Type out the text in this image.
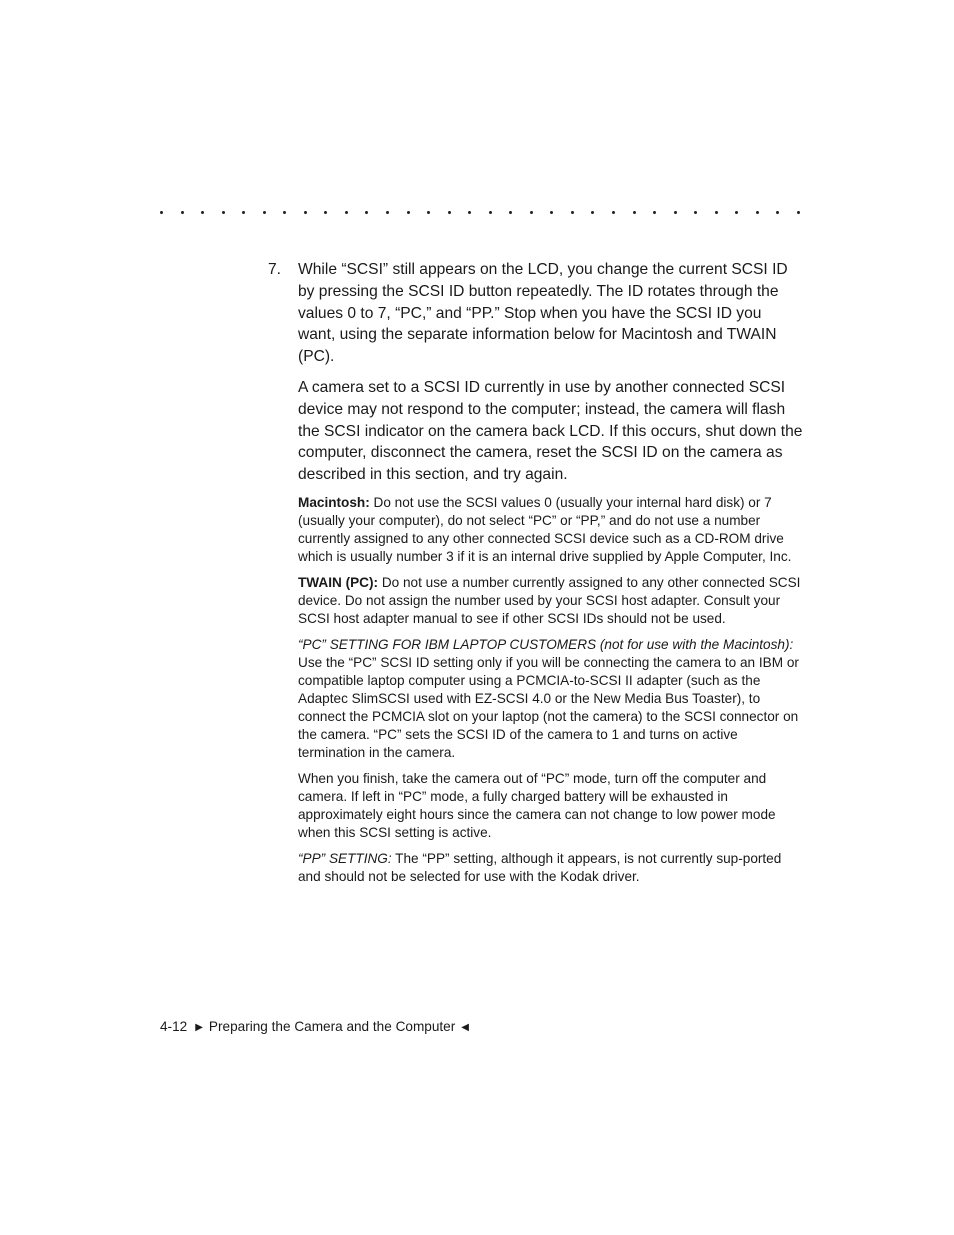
7. While “SCSI” still appears on the LCD, you change the current SCSI ID by pressing the SCSI ID button repeatedly. The ID rotates through the values 0 to 7, “PC,” and “PP.” Stop when you have the SCSI ID you want, using the separate information below for Macintosh and TWAIN (PC).

A camera set to a SCSI ID currently in use by another connected SCSI device may not respond to the computer; instead, the camera will flash the SCSI indicator on the camera back LCD. If this occurs, shut down the computer, disconnect the camera, reset the SCSI ID on the camera as described in this section, and try again.

Macintosh: Do not use the SCSI values 0 (usually your internal hard disk) or 7 (usually your computer), do not select “PC” or “PP,” and do not use a number currently assigned to any other connected SCSI device such as a CD-ROM drive which is usually number 3 if it is an internal drive supplied by Apple Computer, Inc.

TWAIN (PC): Do not use a number currently assigned to any other connected SCSI device. Do not assign the number used by your SCSI host adapter. Consult your SCSI host adapter manual to see if other SCSI IDs should not be used.

“PC” SETTING FOR IBM LAPTOP CUSTOMERS (not for use with the Macintosh): Use the “PC” SCSI ID setting only if you will be connecting the camera to an IBM or compatible laptop computer using a PCMCIA-to-SCSI II adapter (such as the Adaptec SlimSCSI used with EZ-SCSI 4.0 or the New Media Bus Toaster), to connect the PCMCIA slot on your laptop (not the camera) to the SCSI connector on the camera. “PC” sets the SCSI ID of the camera to 1 and turns on active termination in the camera.

When you finish, take the camera out of “PC” mode, turn off the computer and camera. If left in “PC” mode, a fully charged battery will be exhausted in approximately eight hours since the camera can not change to low power mode when this SCSI setting is active.

“PP” SETTING: The “PP” setting, although it appears, is not currently sup-ported and should not be selected for use with the Kodak driver.

4-12 ▶ Preparing the Camera and the Computer ◀
